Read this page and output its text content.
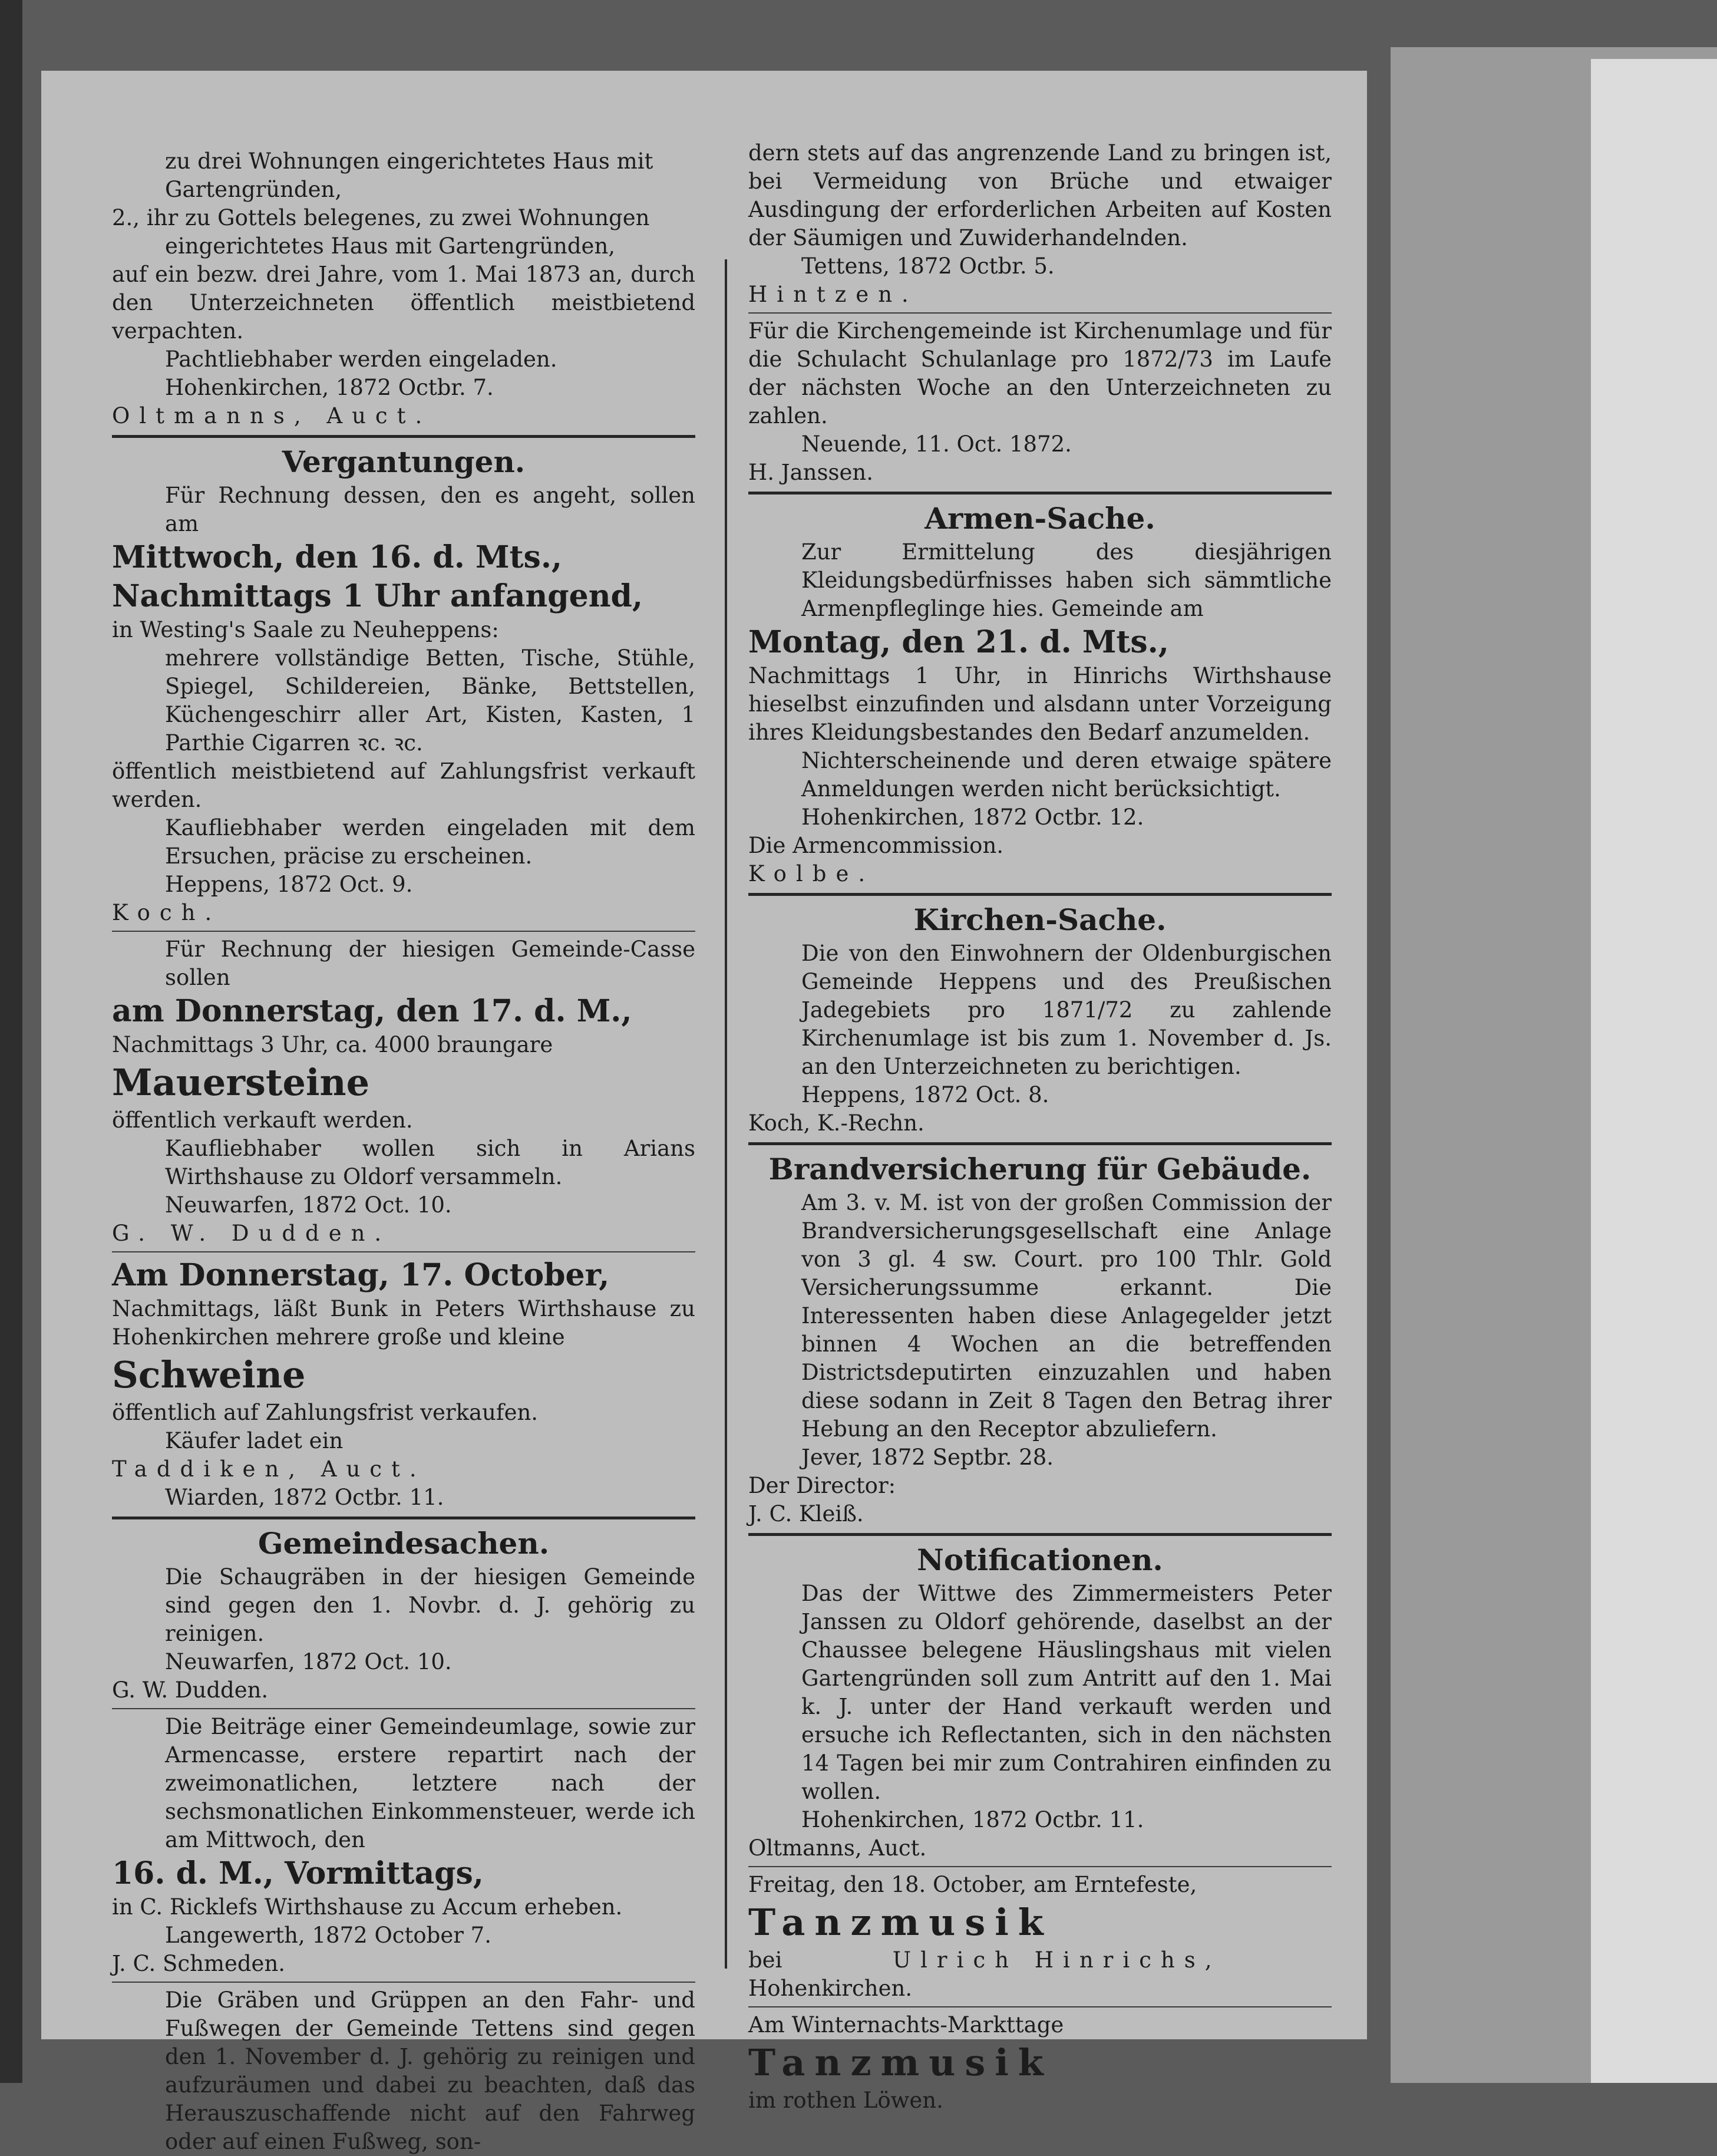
zu drei Wohnungen eingerichtetes Haus mit

Gartengründen,

2., ihr zu Gottels belegenes, zu zwei Wohnungen

eingerichtetes Haus mit Gartengründen,

auf ein bezw. drei Jahre, vom 1. Mai 1873 an, durch den Unterzeichneten öffentlich meistbietend verpachten.

Pachtliebhaber werden eingeladen.

Hohenkirchen, 1872 Octbr. 7.

Oltmanns, Auct.

Vergantungen.

Für Rechnung dessen, den es angeht, sollen am

Mittwoch, den 16. d. Mts.,

Nachmittags 1 Uhr anfangend,

in Westing's Saale zu Neuheppens:

mehrere vollständige Betten, Tische, Stühle, Spiegel, Schildereien, Bänke, Bettstellen, Küchengeschirr aller Art, Kisten, Kasten, 1 Parthie Cigarren ꝛc. ꝛc.

öffentlich meistbietend auf Zahlungsfrist verkauft werden.

Kaufliebhaber werden eingeladen mit dem Ersuchen, präcise zu erscheinen.

Heppens, 1872 Oct. 9.

Koch.

Für Rechnung der hiesigen Gemeinde-Casse sollen

am Donnerstag, den 17. d. M.,

Nachmittags 3 Uhr, ca. 4000 braungare

Mauersteine

öffentlich verkauft werden.

Kaufliebhaber wollen sich in Arians Wirthshause zu Oldorf versammeln.

Neuwarfen, 1872 Oct. 10.

G. W. Dudden.

Am Donnerstag, 17. October,

Nachmittags, läßt Bunk in Peters Wirthshause zu Hohenkirchen mehrere große und kleine

Schweine

öffentlich auf Zahlungsfrist verkaufen.

Käufer ladet ein

Taddiken, Auct.

Wiarden, 1872 Octbr. 11.

Gemeindesachen.

Die Schaugräben in der hiesigen Gemeinde sind gegen den 1. Novbr. d. J. gehörig zu reinigen.

Neuwarfen, 1872 Oct. 10.

G. W. Dudden.

Die Beiträge einer Gemeindeumlage, sowie zur Armencasse, erstere repartirt nach der zweimonatlichen, letztere nach der sechsmonatlichen Einkommensteuer, werde ich am Mittwoch, den

16. d. M., Vormittags,

in C. Ricklefs Wirthshause zu Accum erheben.

Langewerth, 1872 October 7.

J. C. Schmeden.

Die Gräben und Grüppen an den Fahr- und Fußwegen der Gemeinde Tettens sind gegen den 1. November d. J. gehörig zu reinigen und aufzuräumen und dabei zu beachten, daß das Herauszuschaffende nicht auf den Fahrweg oder auf einen Fußweg, son-

dern stets auf das angrenzende Land zu bringen ist, bei Vermeidung von Brüche und etwaiger Ausdingung der erforderlichen Arbeiten auf Kosten der Säumigen und Zuwiderhandelnden.

Tettens, 1872 Octbr. 5.

Hintzen.

Für die Kirchengemeinde ist Kirchenumlage und für die Schulacht Schulanlage pro 1872/73 im Laufe der nächsten Woche an den Unterzeichneten zu zahlen.

Neuende, 11. Oct. 1872.

H. Janssen.

Armen-Sache.

Zur Ermittelung des diesjährigen Kleidungsbedürfnisses haben sich sämmtliche Armenpfleglinge hies. Gemeinde am

Montag, den 21. d. Mts.,

Nachmittags 1 Uhr, in Hinrichs Wirthshause hieselbst einzufinden und alsdann unter Vorzeigung ihres Kleidungsbestandes den Bedarf anzumelden.

Nichterscheinende und deren etwaige spätere Anmeldungen werden nicht berücksichtigt.

Hohenkirchen, 1872 Octbr. 12.

Die Armencommission.

Kolbe.

Kirchen-Sache.

Die von den Einwohnern der Oldenburgischen Gemeinde Heppens und des Preußischen Jadegebiets pro 1871/72 zu zahlende Kirchenumlage ist bis zum 1. November d. Js. an den Unterzeichneten zu berichtigen.

Heppens, 1872 Oct. 8.

Koch, K.-Rechn.

Brandversicherung für Gebäude.

Am 3. v. M. ist von der großen Commission der Brandversicherungsgesellschaft eine Anlage von 3 gl. 4 sw. Court. pro 100 Thlr. Gold Versicherungssumme erkannt. Die Interessenten haben diese Anlagegelder jetzt binnen 4 Wochen an die betreffenden Districtsdeputirten einzuzahlen und haben diese sodann in Zeit 8 Tagen den Betrag ihrer Hebung an den Receptor abzuliefern.

Jever, 1872 Septbr. 28.

Der Director:

J. C. Kleiß.

Notificationen.

Das der Wittwe des Zimmermeisters Peter Janssen zu Oldorf gehörende, daselbst an der Chaussee belegene Häuslingshaus mit vielen Gartengründen soll zum Antritt auf den 1. Mai k. J. unter der Hand verkauft werden und ersuche ich Reflectanten, sich in den nächsten 14 Tagen bei mir zum Contrahiren einfinden zu wollen.

Hohenkirchen, 1872 Octbr. 11.

Oltmanns, Auct.

Freitag, den 18. October, am Erntefeste,

Tanzmusik

bei	Ulrich Hinrichs,

Hohenkirchen.

Am Winternachts-Markttage

Tanzmusik

im rothen Löwen.
